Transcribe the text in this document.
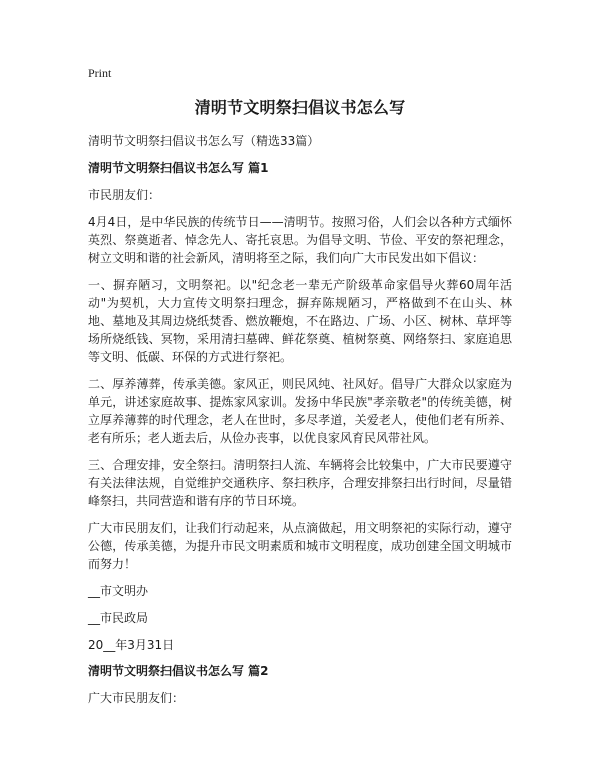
Print
清明节文明祭扫倡议书怎么写
清明节文明祭扫倡议书怎么写（精选33篇）
清明节文明祭扫倡议书怎么写 篇1
市民朋友们：
4月4日，是中华民族的传统节日——清明节。按照习俗，人们会以各种方式缅怀英烈、祭奠逝者、悼念先人、寄托哀思。为倡导文明、节俭、平安的祭祀理念，树立文明和谐的社会新风，清明将至之际，我们向广大市民发出如下倡议：
一、摒弃陋习，文明祭祀。以"纪念老一辈无产阶级革命家倡导火葬60周年活动"为契机，大力宣传文明祭扫理念，摒弃陈规陋习，严格做到不在山头、林地、墓地及其周边烧纸焚香、燃放鞭炮，不在路边、广场、小区、树林、草坪等场所烧纸钱、冥物，采用清扫墓碑、鲜花祭奠、植树祭奠、网络祭扫、家庭追思等文明、低碳、环保的方式进行祭祀。
二、厚养薄葬，传承美德。家风正，则民风纯、社风好。倡导广大群众以家庭为单元，讲述家庭故事、提炼家风家训。发扬中华民族"孝亲敬老"的传统美德，树立厚养薄葬的时代理念，老人在世时，多尽孝道，关爱老人，使他们老有所养、老有所乐；老人逝去后，从俭办丧事，以优良家风育民风带社风。
三、合理安排，安全祭扫。清明祭扫人流、车辆将会比较集中，广大市民要遵守有关法律法规，自觉维护交通秩序、祭扫秩序，合理安排祭扫出行时间，尽量错峰祭扫，共同营造和谐有序的节日环境。
广大市民朋友们，让我们行动起来，从点滴做起，用文明祭祀的实际行动，遵守公德，传承美德，为提升市民文明素质和城市文明程度，成功创建全国文明城市而努力！
__市文明办
__市民政局
20__年3月31日
清明节文明祭扫倡议书怎么写 篇2
广大市民朋友们：
